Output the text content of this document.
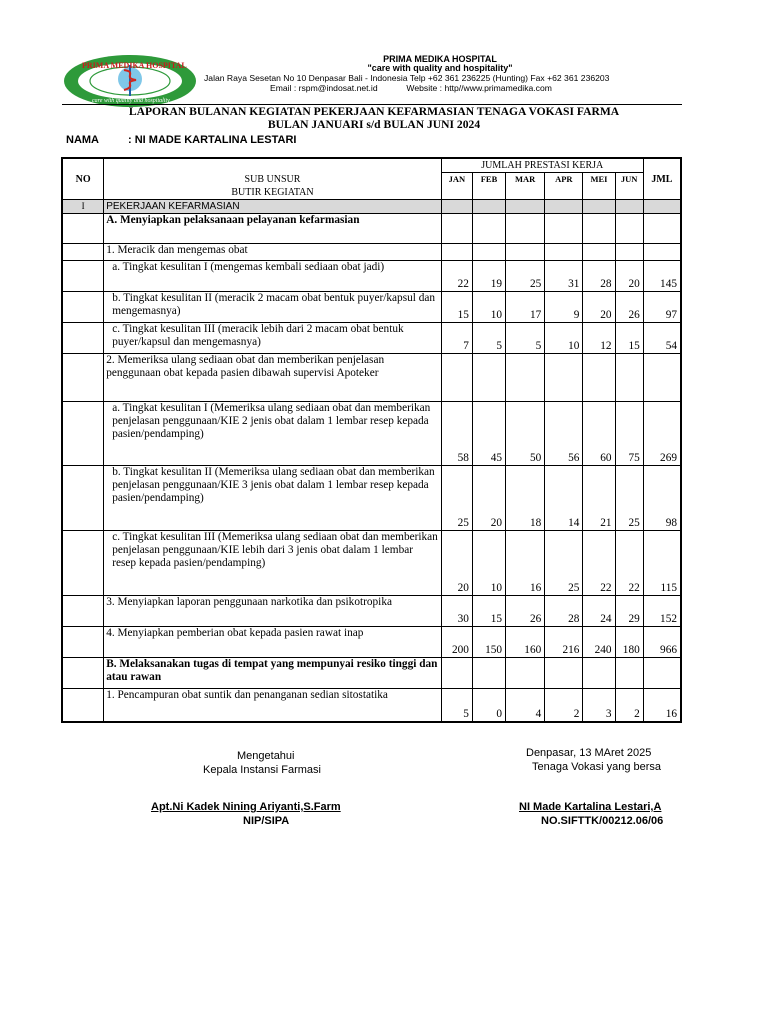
PRIMA MEDIKA HOSPITAL
care with quality and hospitality
PRIMA MEDIKA HOSPITAL
"care with quality and hospitality"
Jalan Raya Sesetan No 10 Denpasar Bali - Indonesia Telp +62 361 236225 (Hunting) Fax +62 361 236203
Email : rspm@indosat.net.id	Website : http//www.primamedika.com
LAPORAN BULANAN KEGIATAN PEKERJAAN KEFARMASIAN TENAGA VOKASI FARMA
BULAN JANUARI s/d BULAN JUNI 2024
NAMA	: NI MADE KARTALINA LESTARI
NO	SUB UNSUR
BUTIR KEGIATAN	JUMLAH PRESTASI KERJA						JML
		JAN	FEB	MAR	APR	MEI	JUN	
I	PEKERJAAN KEFARMASIAN							
	A. Menyiapkan pelaksanaan pelayanan kefarmasian							
	1. Meracik dan mengemas obat							
	a. Tingkat kesulitan I (mengemas kembali sediaan obat jadi)	22	19	25	31	28	20	145
	b. Tingkat kesulitan II (meracik 2 macam obat bentuk puyer/kapsul dan mengemasnya)	15	10	17	9	20	26	97
	c. Tingkat kesulitan III (meracik lebih dari 2 macam obat bentuk puyer/kapsul dan mengemasnya)	7	5	5	10	12	15	54
	2. Memeriksa ulang sediaan obat dan memberikan penjelasan penggunaan obat kepada pasien dibawah supervisi Apoteker							
	a. Tingkat kesulitan I (Memeriksa ulang sediaan obat dan memberikan penjelasan penggunaan/KIE 2 jenis obat dalam 1 lembar resep kepada pasien/pendamping)	58	45	50	56	60	75	269
	b. Tingkat kesulitan II (Memeriksa ulang sediaan obat dan memberikan penjelasan penggunaan/KIE 3 jenis obat dalam 1 lembar resep kepada pasien/pendamping)	25	20	18	14	21	25	98
	c. Tingkat kesulitan III (Memeriksa ulang sediaan obat dan memberikan penjelasan penggunaan/KIE lebih dari 3 jenis obat dalam 1 lembar resep kepada pasien/pendamping)	20	10	16	25	22	22	115
	3. Menyiapkan laporan penggunaan narkotika dan psikotropika	30	15	26	28	24	29	152
	4. Menyiapkan pemberian obat kepada pasien rawat inap	200	150	160	216	240	180	966
	B. Melaksanakan tugas di tempat yang mempunyai resiko tinggi dan atau rawan							
	1. Pencampuran obat suntik dan penanganan sedian sitostatika	5	0	4	2	3	2	16
Mengetahui
Kepala Instansi Farmasi
Apt.Ni Kadek Nining Ariyanti,S.Farm
NIP/SIPA
Denpasar, 13 MAret 2025
Tenaga Vokasi yang bersa
NI Made Kartalina Lestari,A
NO.SIFTTK/00212.06/06
